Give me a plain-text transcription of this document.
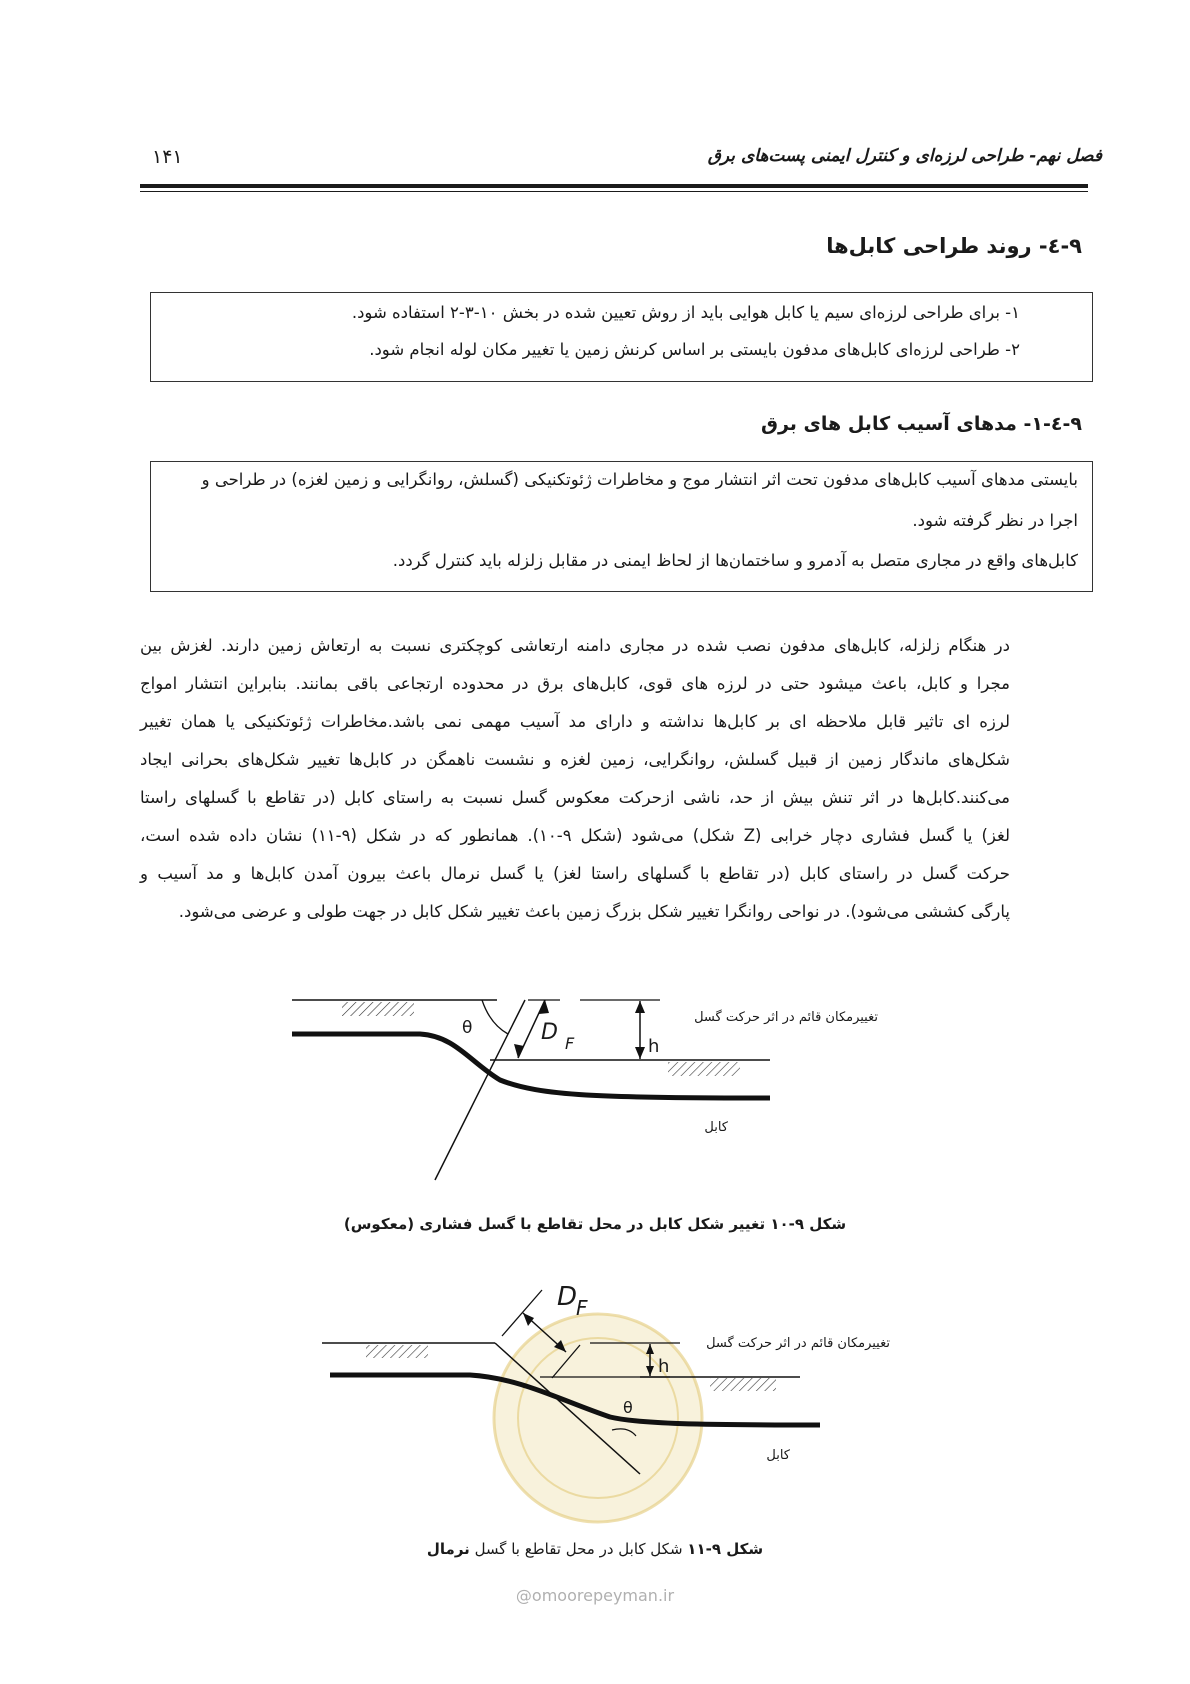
۱۴۱	فصل نهم- طراحی لرزه‌ای و کنترل ایمنی پست‌های برق
۹-٤- روند طراحی کابل‌ها
۱- برای طراحی لرزه‌ای سیم یا کابل هوایی باید از روش تعیین شده در بخش ۱۰-۳-۲ استفاده شود.
۲- طراحی لرزه‌ای کابل‌های مدفون بایستی بر اساس کرنش زمین یا تغییر مکان لوله انجام شود.
۹-٤-۱- مدهای آسیب کابل های برق
بایستی مدهای آسیب کابل‌های مدفون تحت اثر انتشار موج و مخاطرات ژئوتکنیکی (گسلش، روانگرایی و زمین لغزه) در طراحی و
اجرا در نظر گرفته شود.
کابل‌های واقع در مجاری متصل به آدمرو و ساختمان‌ها از لحاظ ایمنی در مقابل زلزله باید کنترل گردد.
در هنگام زلزله، کابل‌های مدفون نصب شده در مجاری دامنه ارتعاشی کوچکتری نسبت به ارتعاش زمین دارند. لغزش بین
مجرا و کابل، باعث میشود حتی در لرزه های قوی، کابل‌های برق در محدوده ارتجاعی باقی بمانند. بنابراین انتشار امواج
لرزه ای تاثیر قابل ملاحظه ای بر کابل‌ها نداشته و دارای مد آسیب مهمی نمی باشد.مخاطرات ژئوتکنیکی یا همان تغییر
شکل‌های ماندگار زمین از قبیل گسلش، روانگرایی، زمین لغزه و نشست ناهمگن در کابل‌ها تغییر شکل‌های بحرانی ایجاد
می‌کنند.کابل‌ها در اثر تنش بیش از حد، ناشی ازحرکت معکوس گسل نسبت به راستای کابل (در تقاطع با گسلهای راستا
لغز) یا گسل فشاری دچار خرابی (Z شکل) می‌شود (شکل ۹-۱۰). همانطور که در شکل (۹-۱۱) نشان داده شده است،
حرکت گسل در راستای کابل (در تقاطع با گسلهای راستا لغز) یا گسل نرمال باعث بیرون آمدن کابل‌ها و مد آسیب و
پارگی کششی می‌شود). در نواحی روانگرا تغییر شکل بزرگ زمین باعث تغییر شکل کابل در جهت طولی و عرضی می‌شود.
θ	D F	h
تغییرمکان قائم در اثر حرکت گسل
کابل
شکل ۹-۱۰ تغییر شکل کابل در محل تقاطع با گسل فشاری (معکوس)
D
F
h
θ
تغییرمکان قائم در اثر حرکت گسل
کابل
شکل ۹-۱۱ شکل کابل در محل تقاطع با گسل نرمال
@omoorepeyman.ir
